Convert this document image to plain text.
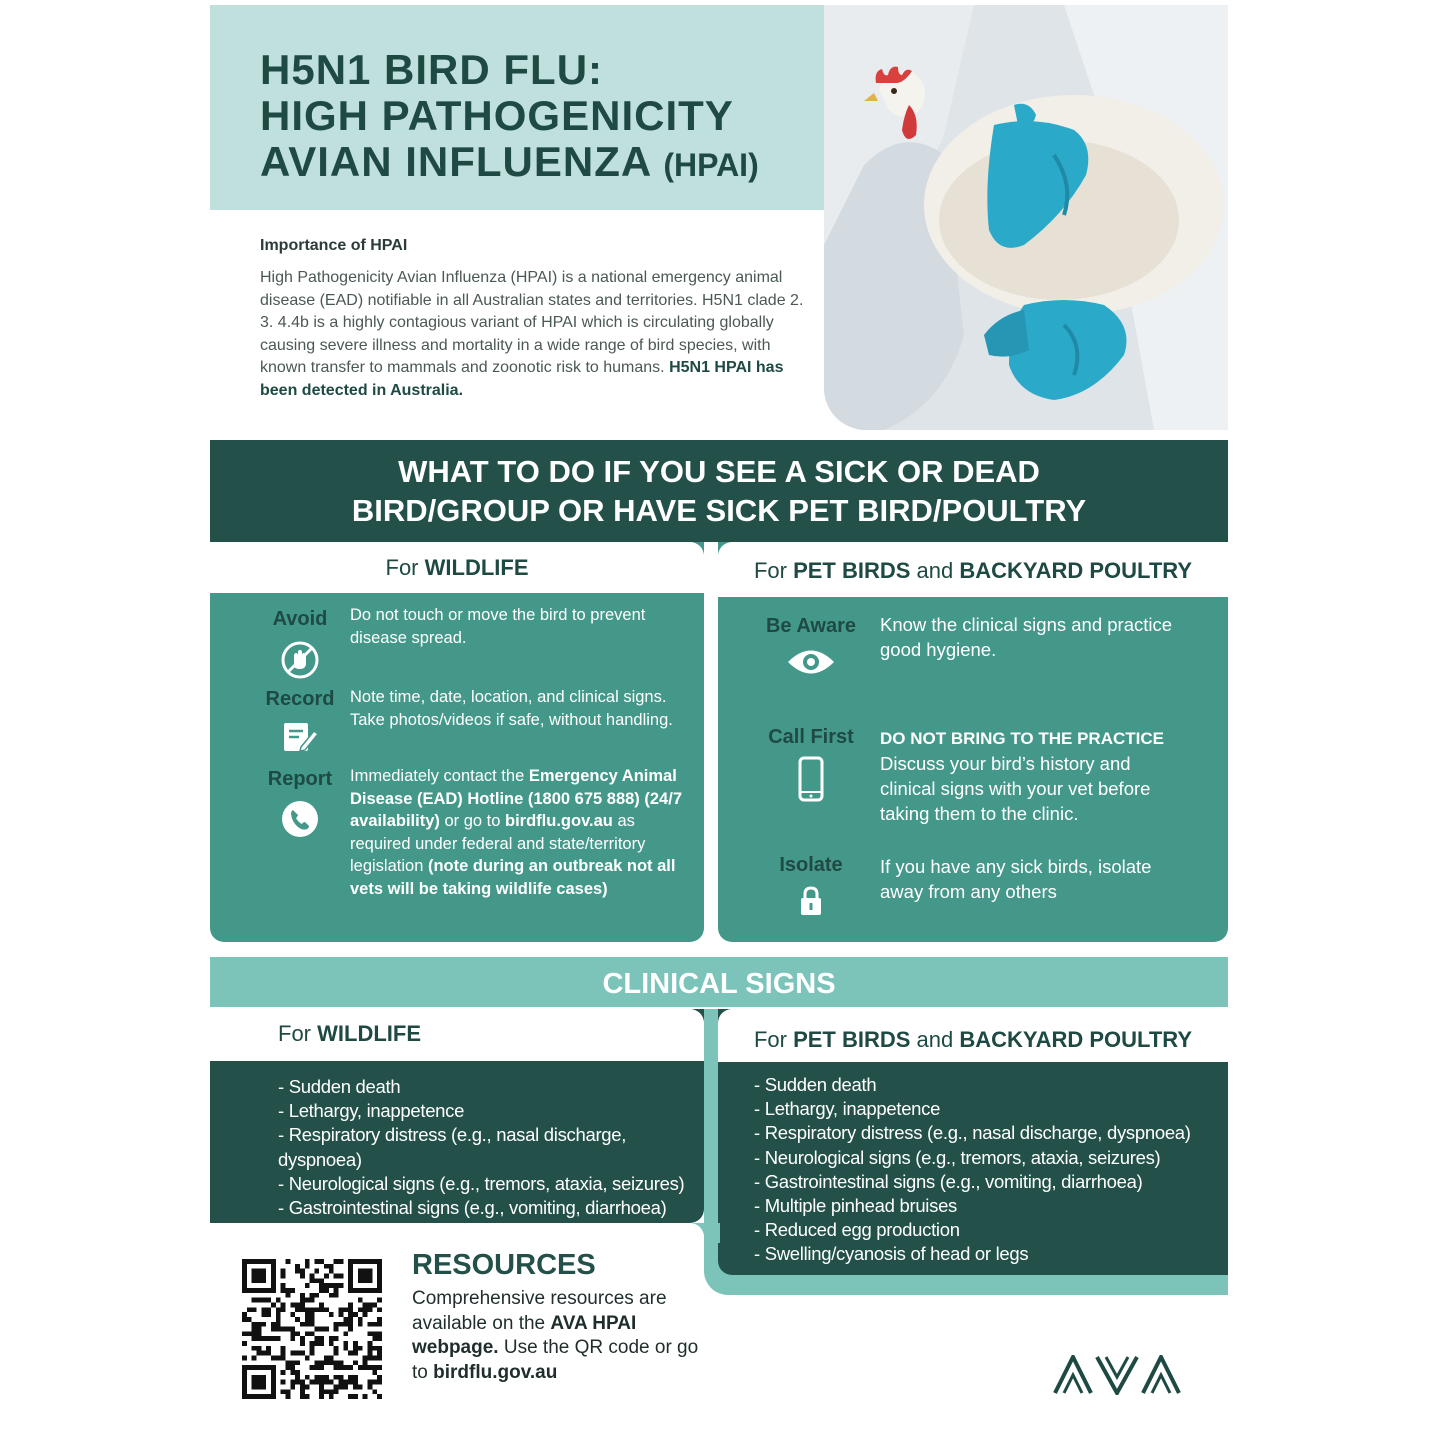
H5N1 BIRD FLU:
HIGH PATHOGENICITY
AVIAN INFLUENZA (HPAI)
Importance of HPAI

High Pathogenicity Avian Influenza (HPAI) is a national emergency animal disease (EAD) notifiable in all Australian states and territories. H5N1 clade 2. 3. 4.4b is a highly contagious variant of HPAI which is circulating globally causing severe illness and mortality in a wide range of bird species, with known transfer to mammals and zoonotic risk to humans. H5N1 HPAI has been detected in Australia.

WHAT TO DO IF YOU SEE A SICK OR DEAD
BIRD/GROUP OR HAVE SICK PET BIRD/POULTRY
For WILDLIFE
Avoid	Do not touch or move the bird to prevent disease spread.
Record Note time, date, location, and clinical signs. Take photos/videos if safe, without handling.
Report	Immediately contact the Emergency Animal Disease (EAD) Hotline (1800 675 888) (24/7 availability) or go to birdflu.gov.au as required under federal and state/territory legislation (note during an outbreak not all vets will be taking wildlife cases)
For PET BIRDS and BACKYARD POULTRY
Be Aware	Know the clinical signs and practice good hygiene.
Call First	DO NOT BRING TO THE PRACTICE
Discuss your bird’s history and clinical signs with your vet before taking them to the clinic.
Isolate	If you have any sick birds, isolate away from any others
CLINICAL SIGNS
For WILDLIFE
- Sudden death
- Lethargy, inappetence
- Respiratory distress (e.g., nasal discharge, dyspnoea)
- Neurological signs (e.g., tremors, ataxia, seizures)
- Gastrointestinal signs (e.g., vomiting, diarrhoea)
For PET BIRDS and BACKYARD POULTRY
- Sudden death
- Lethargy, inappetence
- Respiratory distress (e.g., nasal discharge, dyspnoea)
- Neurological signs (e.g., tremors, ataxia, seizures)
- Gastrointestinal signs (e.g., vomiting, diarrhoea)
- Multiple pinhead bruises
- Reduced egg production
- Swelling/cyanosis of head or legs
RESOURCES

Comprehensive resources are available on the AVA HPAI webpage. Use the QR code or go to birdflu.gov.au
